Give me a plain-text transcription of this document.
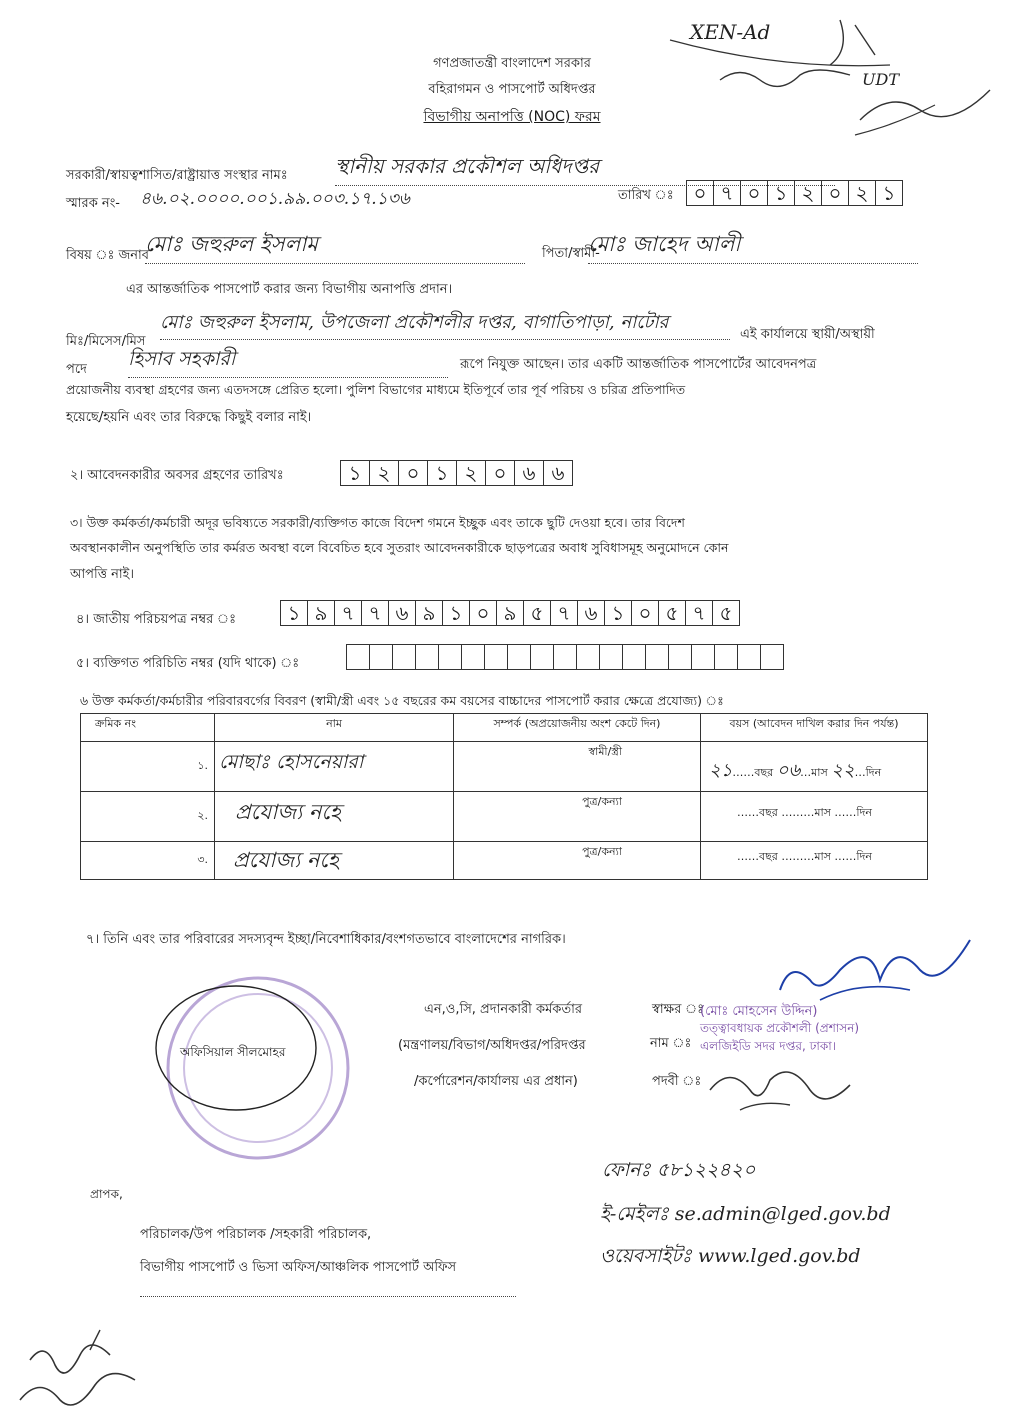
গণপ্রজাতন্ত্রী বাংলাদেশ সরকার
বহিরাগমন ও পাসপোর্ট অধিদপ্তর
বিভাগীয় অনাপত্তি (NOC) ফরম
XEN-Ad
UDT
সরকারী/স্বায়ত্বশাসিত/রাষ্ট্রায়াত্ত সংস্থার নামঃ স্থানীয় সরকার প্রকৌশল অধিদপ্তর
স্মারক নং- ৪৬.০২.০০০০.০০১.৯৯.০০৩.১৭.১৩৬	তারিখ ঃ ০ ৭ ০ ১ ২ ০ ২ ১
বিষয় ঃ জনাব
মোঃ জহুরুল ইসলাম	পিতা/স্বামী-
মোঃ জাহেদ আলী
এর আন্তর্জাতিক পাসপোর্ট করার জন্য বিভাগীয় অনাপত্তি প্রদান।
মিঃ/মিসেস/মিস
মোঃ জহুরুল ইসলাম, উপজেলা প্রকৌশলীর দপ্তর, বাগাতিপাড়া, নাটোর
এই কার্যালয়ে স্থায়ী/অস্থায়ী
পদে হিসাব সহকারী	রূপে নিযুক্ত আছেন। তার একটি আন্তর্জাতিক পাসপোর্টের আবেদনপত্র
প্রয়োজনীয় ব্যবস্থা গ্রহণের জন্য এতদসঙ্গে প্রেরিত হলো। পুলিশ বিভাগের মাধ্যমে ইতিপূর্বে তার পূর্ব পরিচয় ও চরিত্র প্রতিপাদিত
হয়েছে/হয়নি এবং তার বিরুদ্ধে কিছুই বলার নাই।
২। আবেদনকারীর অবসর গ্রহণের তারিখঃ	১ ২ ০ ১ ২ ০ ৬ ৬
৩। উক্ত কর্মকর্তা/কর্মচারী অদূর ভবিষ্যতে সরকারী/ব্যক্তিগত কাজে বিদেশ গমনে ইচ্ছুক এবং তাকে ছুটি দেওয়া হবে। তার বিদেশ
অবস্থানকালীন অনুপস্থিতি তার কর্মরত অবস্থা বলে বিবেচিত হবে সুতরাং আবেদনকারীকে ছাড়পত্রের অবাধ সুবিধাসমূহ অনুমোদনে কোন
আপত্তি নাই।
৪। জাতীয় পরিচয়পত্র নম্বর ঃ	১ ৯ ৭ ৭ ৬ ৯ ১ ০ ৯ ৫ ৭ ৬ ১ ০ ৫ ৭ ৫
৫। ব্যক্তিগত পরিচিতি নম্বর (যদি থাকে) ঃ
৬ উক্ত কর্মকর্তা/কর্মচারীর পরিবারবর্গের বিবরণ (স্বামী/স্ত্রী এবং ১৫ বছরের কম বয়সের বাচ্চাদের পাসপোর্ট করার ক্ষেত্রে প্রযোজ্য) ঃ
ক্রমিক নং	নাম	সম্পর্ক (অপ্রয়োজনীয় অংশ কেটে দিন)	বয়স (আবেদন দাখিল করার দিন পর্যন্ত)
১.	মোছাঃ হোসনেয়ারা	স্বামী/স্ত্রী	২১……বছর ০৬…মাস ২২…দিন
২.	প্রযোজ্য নহে	পুত্র/কন্যা	……বছর ………মাস ……দিন
৩.	প্রযোজ্য নহে	পুত্র/কন্যা	……বছর ………মাস ……দিন
৭। তিনি এবং তার পরিবারের সদস্যবৃন্দ ইচ্ছা/নিবেশাধিকার/বংশগতভাবে বাংলাদেশের নাগরিক।
অফিসিয়াল সীলমোহর
এন,ও,সি, প্রদানকারী কর্মকর্তার
(মন্ত্রণালয়/বিভাগ/অধিদপ্তর/পরিদপ্তর
/কর্পোরেশন/কার্যালয় এর প্রধান)
স্বাক্ষর ঃ
নাম ঃ
পদবী ঃ
(মোঃ মোহসেন উদ্দিন)
তত্ত্বাবধায়ক প্রকৌশলী (প্রশাসন)
এলজিইডি সদর দপ্তর, ঢাকা।
ফোনঃ ৫৮১২২৪২০
ই-মেইলঃ se.admin@lged.gov.bd
ওয়েবসাইটঃ www.lged.gov.bd
প্রাপক,
পরিচালক/উপ পরিচালক /সহকারী পরিচালক,
বিভাগীয় পাসপোর্ট ও ভিসা অফিস/আঞ্চলিক পাসপোর্ট অফিস
